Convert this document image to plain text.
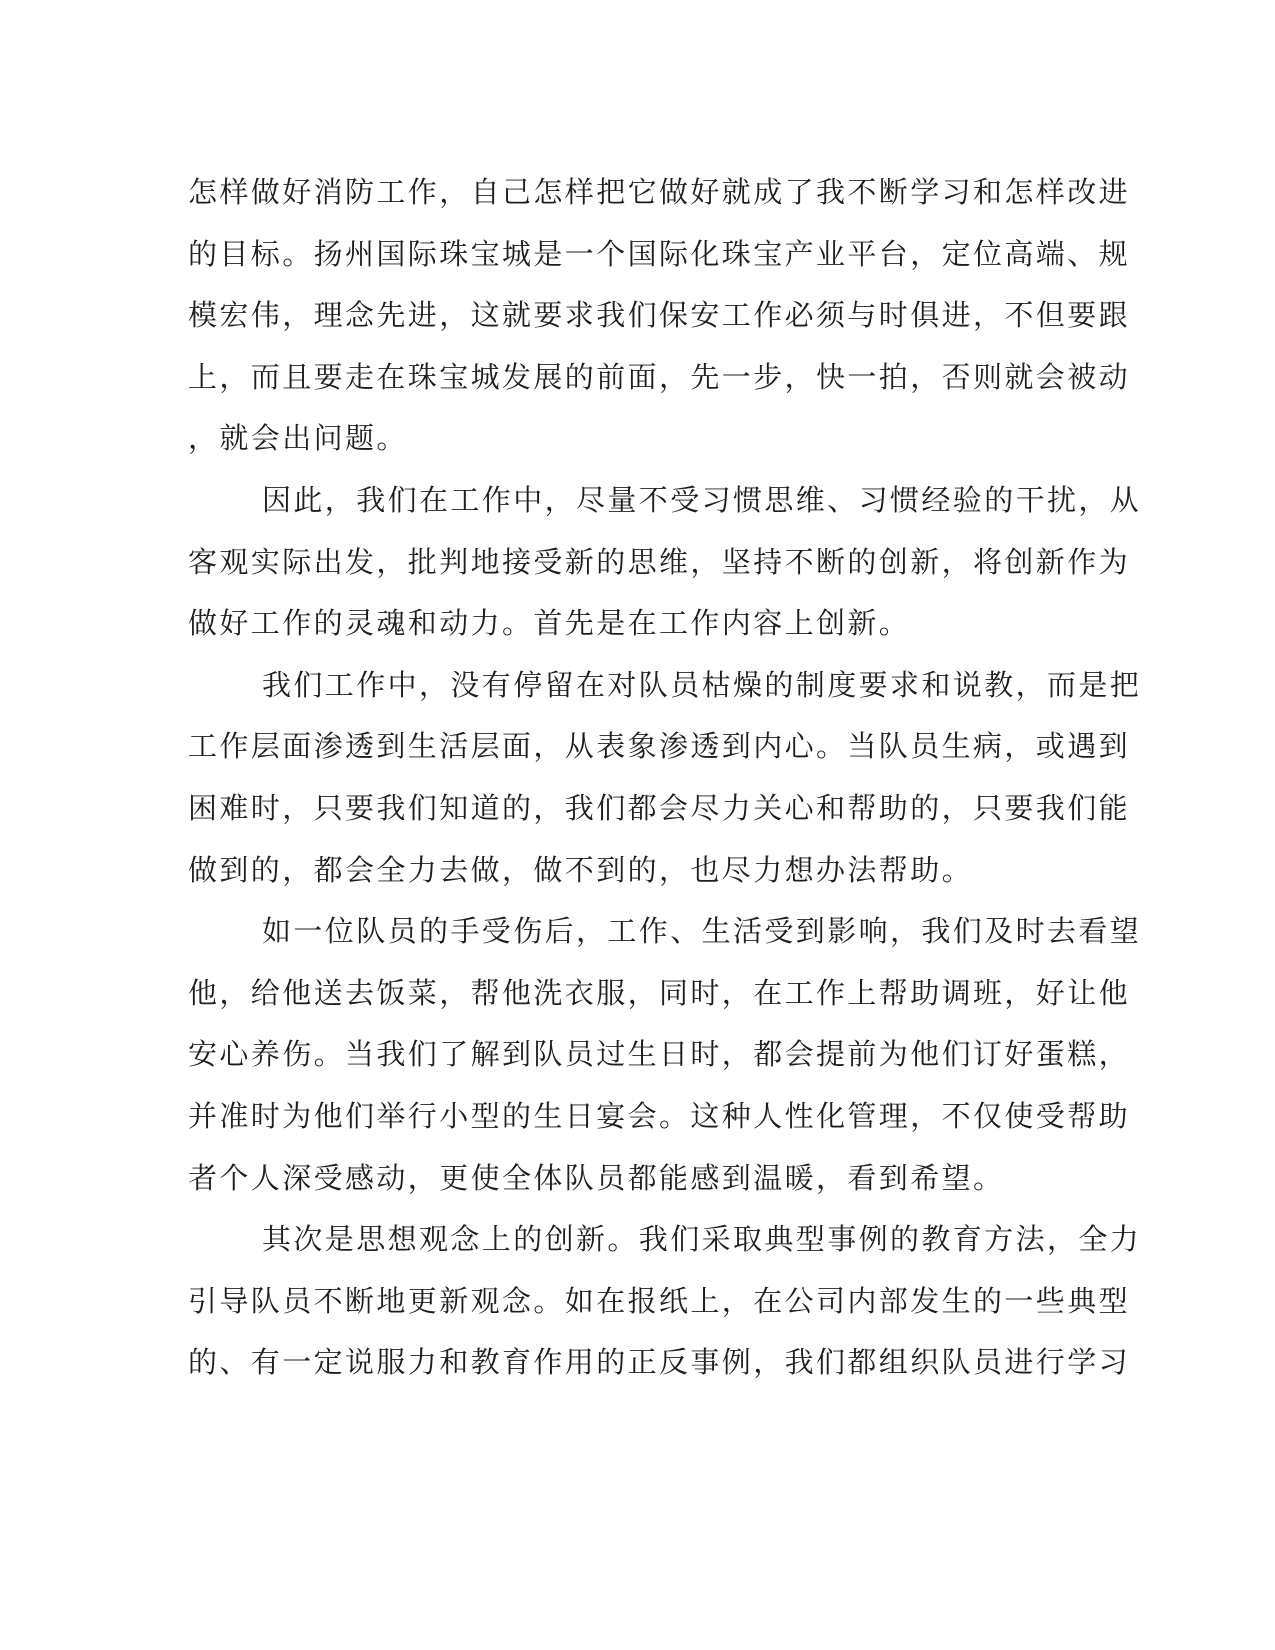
怎样做好消防工作，自己怎样把它做好就成了我不断学习和怎样改进
的目标。扬州国际珠宝城是一个国际化珠宝产业平台，定位高端、规
模宏伟，理念先进，这就要求我们保安工作必须与时俱进，不但要跟
上，而且要走在珠宝城发展的前面，先一步，快一拍，否则就会被动
，就会出问题。
因此，我们在工作中，尽量不受习惯思维、习惯经验的干扰，从
客观实际出发，批判地接受新的思维，坚持不断的创新，将创新作为
做好工作的灵魂和动力。首先是在工作内容上创新。
我们工作中，没有停留在对队员枯燥的制度要求和说教，而是把
工作层面渗透到生活层面，从表象渗透到内心。当队员生病，或遇到
困难时，只要我们知道的，我们都会尽力关心和帮助的，只要我们能
做到的，都会全力去做，做不到的，也尽力想办法帮助。
如一位队员的手受伤后，工作、生活受到影响，我们及时去看望
他，给他送去饭菜，帮他洗衣服，同时，在工作上帮助调班，好让他
安心养伤。当我们了解到队员过生日时，都会提前为他们订好蛋糕，
并准时为他们举行小型的生日宴会。这种人性化管理，不仅使受帮助
者个人深受感动，更使全体队员都能感到温暖，看到希望。
其次是思想观念上的创新。我们采取典型事例的教育方法，全力
引导队员不断地更新观念。如在报纸上，在公司内部发生的一些典型
的、有一定说服力和教育作用的正反事例，我们都组织队员进行学习
